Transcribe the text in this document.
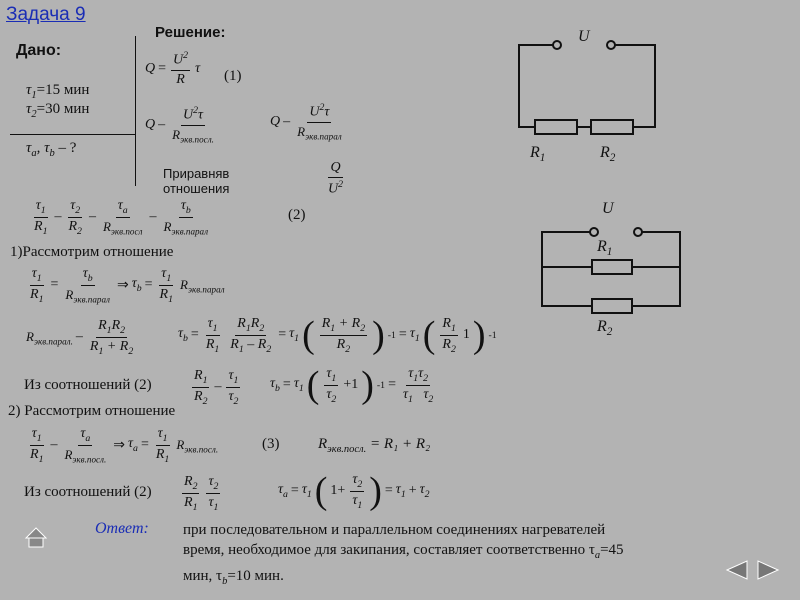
Задача 9
Дано:
$\tau_1=15$ мин
$\tau_2=30$ мин
$\tau_a$, $\tau_b$ – ?
Решение:
$Q = \frac{U^2}{R}$ τ (1)
Q – $\frac{U^2\tau}{R_{экв.посл.}}$	Q – $\frac{U^2\tau}{R_{экв.парал}}$
Приравняв
отношения	$\frac{Q}{U^2}$
$\frac{\tau_1}{R_1} - \frac{\tau_2}{R_2} - \frac{\tau_a}{R_{экв.посл}} - \frac{\tau_b}{R_{экв.парал}}$	(2)
1)Рассмотрим отношение
$\frac{\tau_1}{R_1} = \frac{\tau_b}{R_{экв.парал}}$ ⇒ $\tau_b = \frac{\tau_1}{R_1} R_{экв.парал}$
$R_{экв.парал.} - \frac{R_1R_2}{R_1 + R_2}$	$\tau_b = \frac{\tau_1}{R_1} \frac{R_1R_2}{R_1 - R_2} = \tau_1$ ( $\frac{R_1 + R_2}{R_2}$ ) $-1 = \tau_1$ ( $\frac{R_1}{R_2} 1$ ) -1
Из соотношений (2)	$\frac{R_1}{R_2} - \frac{\tau_1}{\tau_2} \tau_b = \tau_1$ ( $\frac{\tau_1}{\tau_2} +1$ ) $-1 = \frac{\tau_1\tau_2}{\tau_1 \tau_2}$
2) Рассмотрим отношение
$\frac{\tau_1}{R_1} - \frac{\tau_a}{R_{экв.посл.}}$ ⇒ $\tau_a = \frac{\tau_1}{R_1} R_{экв.посл.}$	(3)	$R_{экв.посл.} = R_1 + R_2$
Из соотношений $(2) \frac{R_2}{R_1} \frac{\tau_2}{\tau_1}$	$\tau_a = \tau_1$ ( $1+ \frac{\tau_2}{\tau_1}$ ) = $\tau_1 + \tau_2$
U
$R_1$	$R_2$
U
$R_1$
$R_2$
Ответ: при последовательном и параллельном соединениях нагревателей
время, необходимое для закипания, составляет соответственно $\tau_a=45$
мин, $\tau_b=10$ мин.
